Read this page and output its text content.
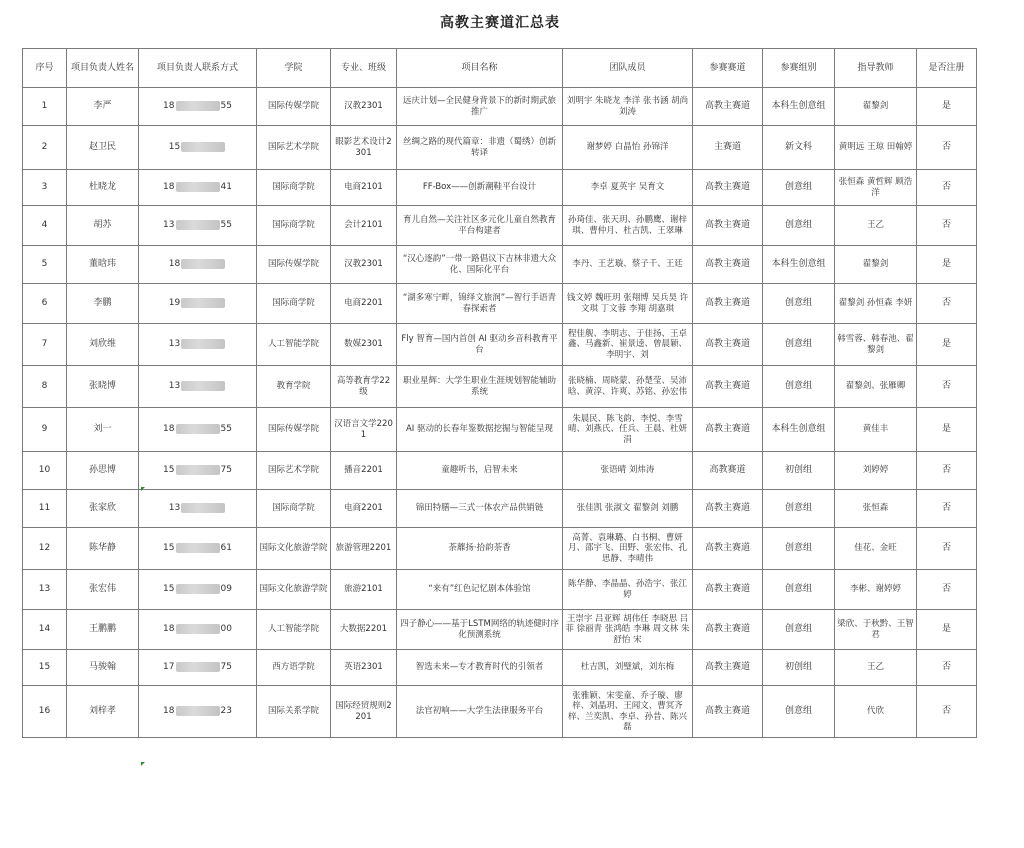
高教主赛道汇总表
序号	项目负责人姓名	项目负责人联系方式	学院	专业、班级	项目名称	团队成员	参赛赛道	参赛组别	指导教师	是否注册
1	李严	18 55	国际传媒学院	汉教2301	远庆计划—全民健身背景下的新时期武旅推广	刘明宇 朱晓龙 李洋 张书涵 胡尚 刘涛	高教主赛道	本科生创意组	翟黎剑	是
2	赵卫民	15	国际艺术学院	眼影艺术设计2301	丝绸之路的现代篇章：非遗（蜀绣）创新转译	谢梦婷 白晶怡 孙锦洋	主赛道	新文科	黄明远 王琼 田翰婷	否
3	杜晓龙	18 41	国际商学院	电商2101	FF-Box——创新潮鞋平台设计	李卓 夏英宇 吴育文	高教主赛道	创意组	张恒森 黄哲辉 顾浩洋	否
4	胡苏	13 55	国际商学院	会计2101	育儿自然—关注社区多元化儿童自然教育平台构建者	孙琦佳、张天玥、孙鹏鹰、谢梓琪、曹仲月、杜吉凯、王翠琳	高教主赛道	创意组	王乙	否
5	董晗玮	18	国际传媒学院	汉教2301	“汉心逐韵”一带一路倡议下吉林非遗大众化、国际化平台	李丹、王艺璇、蔡子千、王廷	高教主赛道	本科生创意组	翟黎剑	是
6	李鹏	19	国际商学院	电商2201	“湖多寒宁畔，锦绎文旅润”—智行手语青春探索者	钱文婷 魏旺玥 张翔博 吴兵昊 许文琪 丁文蓉 李翔 胡嘉琪	高教主赛道	创意组	翟黎剑 孙恒森 李妍	否
7	刘欣维	13	人工智能学院	数媒2301	Fly 智育—国内首创 AI 驱动乡音科教育平台	程佳舰、李明志、于佳扬、王卓鑫、马鑫新、崔景逵、曾晨颖、李明宇、刘	高教主赛道	创意组	韩雪蓉、韩春池、翟黎剑	是
8	张晓博	13	教育学院	高等教育学22级	职业星辉：大学生职业生涯规划智能辅助系统	张晓楠、周晓蒙、孙楚莹、吴沛晗、黄淳、许爽、苏铭、孙宏伟	高教主赛道	创意组	翟黎剑、张雁卿	否
9	刘一	18 55	国际传媒学院	汉语言文学2201	AI 驱动的长春年鉴数据挖掘与智能呈现	朱晨民、陈飞韵、李悦、李雪晴、刘燕氏、任兵、王晨、杜妍涓	高教主赛道	本科生创意组	黄佳丰	是
10	孙思博	15 75	国际艺术学院	播音2201	童趣听书，启智未来	张语晴 刘炜涛	高教赛道	初创组	刘婷婷	否
11	张家欣	13	国际商学院	电商2201	锦田特膳—三式一体农产品供销链	张佳凯 张淑文 翟黎剑 刘鹏	高教主赛道	创意组	张恒森	否
12	陈华静	15 61	国际文化旅游学院	旅游管理2201	荼蘼扬·拾韵荼香	高菁、袁琳璐、白书桐、曹妍月、邵宇飞、田野、张宏伟、孔思静、李晴伟	高教主赛道	创意组	佳花、金旺	否
13	张宏伟	15 09	国际文化旅游学院	旅游2101	“来有”红色记忆剧本体验馆	陈华静、李晶晶、孙浩宇、张江婷	高教主赛道	创意组	李彬、谢婷婷	否
14	王鹏鹏	18 00	人工智能学院	大数据2201	四子静心——基于LSTM网络的轨迹健时序化预测系统	王崇宇 吕亚辉 胡伟任 李晓思 吕菲 徐丽青 张鸿皓 李琳 周文林 朱舒怡 宋	高教主赛道	创意组	梁欣、于秋黔、王智君	是
15	马骏翰	17 75	西方语学院	英语2301	智选未来—专才教育时代的引领者	杜吉凯，刘璧斌，刘东梅	高教主赛道	初创组	王乙	否
16	刘梓孝	18 23	国际关系学院	国际经贸规则2201	法官初响——大学生法律服务平台	张雅颖、宋雯童、乔子璇、廖梓、刘晶玥、王闻文、曹冥齐梓、兰奕凯、李卓、孙昔、陈兴磊	高教主赛道	创意组	代欣	否
